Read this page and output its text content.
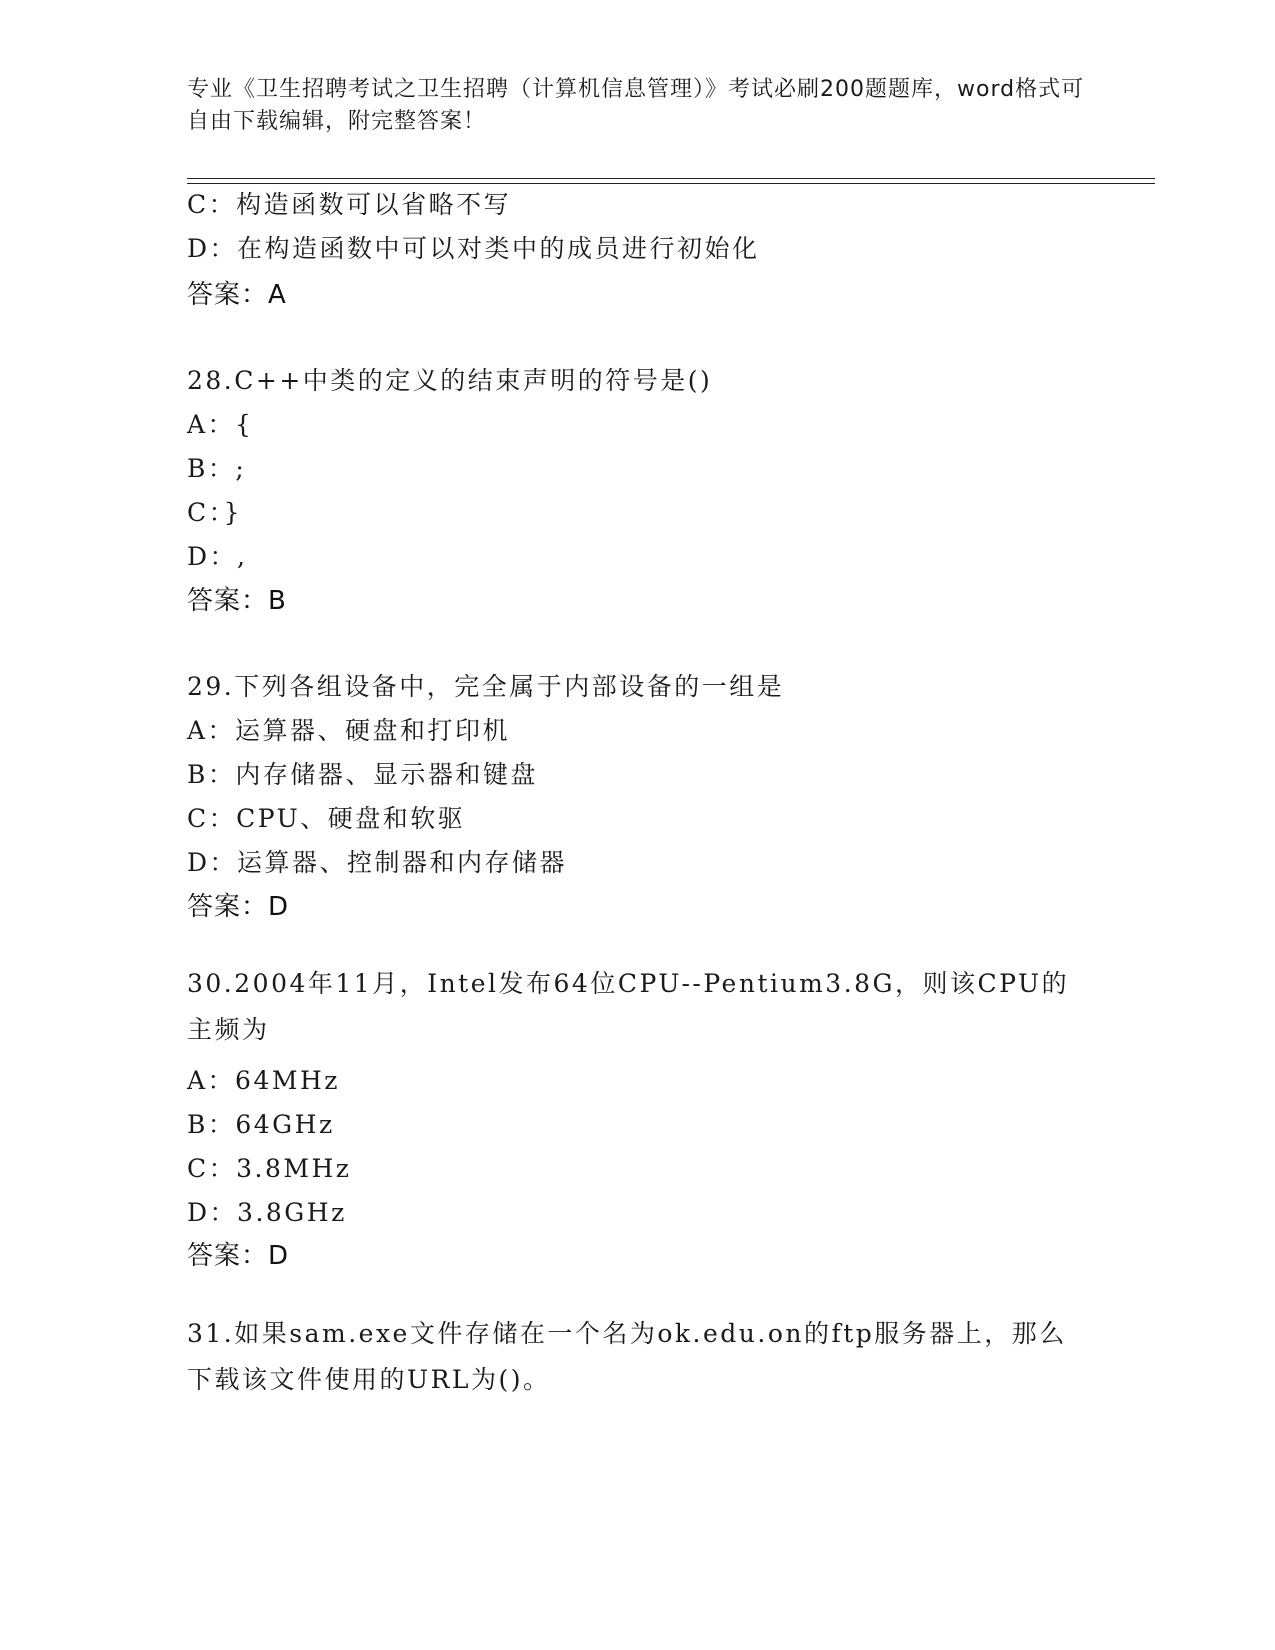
专业《卫生招聘考试之卫生招聘（计算机信息管理）》考试必刷200题题库，word格式可自由下载编辑，附完整答案！
C：构造函数可以省略不写
D：在构造函数中可以对类中的成员进行初始化
答案：A
28.C++中类的定义的结束声明的符号是()
A：{
B：;
C：}
D：,
答案：B
29.下列各组设备中，完全属于内部设备的一组是
A：运算器、硬盘和打印机
B：内存储器、显示器和键盘
C：CPU、硬盘和软驱
D：运算器、控制器和内存储器
答案：D
30.2004年11月，Intel发布64位CPU--Pentium3.8G，则该CPU的主频为
A：64MHz
B：64GHz
C：3.8MHz
D：3.8GHz
答案：D
31.如果sam.exe文件存储在一个名为ok.edu.on的ftp服务器上，那么下载该文件使用的URL为()。
